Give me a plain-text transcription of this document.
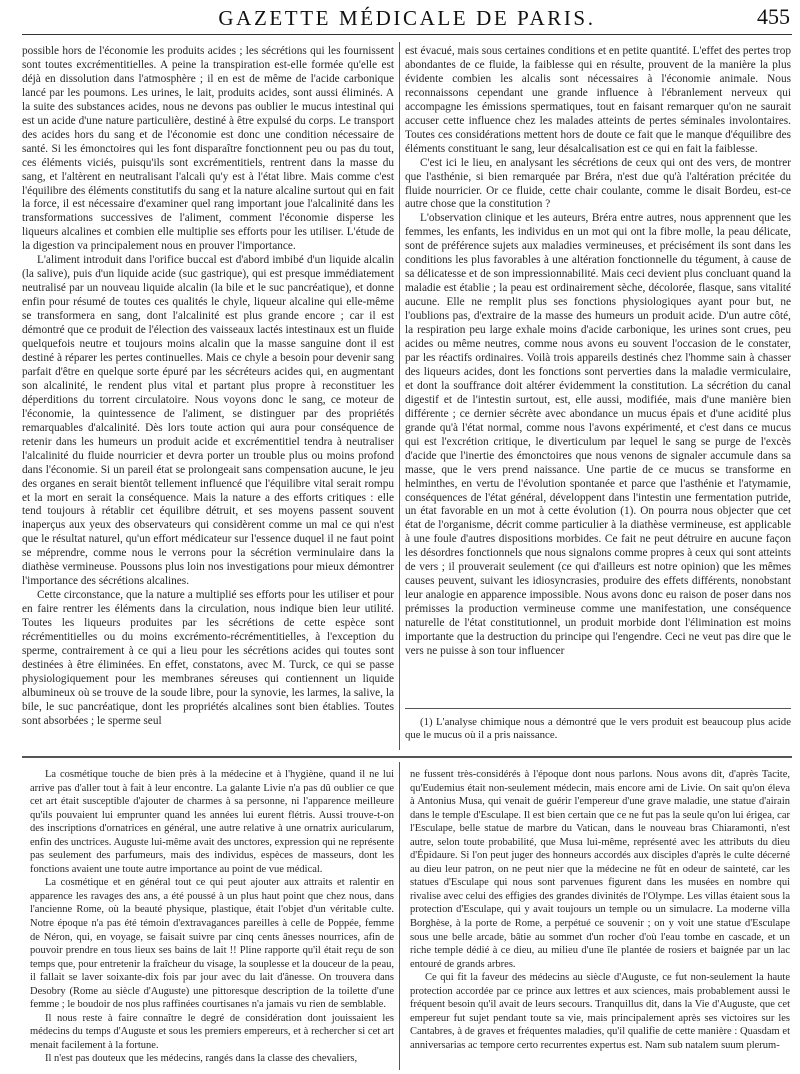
GAZETTE MÉDICALE DE PARIS.	455

possible hors de l'économie les produits acides ; les sécrétions qui les fournissent sont toutes excrémentitielles. A peine la transpiration est-elle formée qu'elle est déjà en dissolution dans l'atmosphère ; il en est de même de l'acide carbonique lancé par les poumons. Les urines, le lait, produits acides, sont aussi éliminés. A la suite des substances acides, nous ne devons pas oublier le mucus intestinal qui est un acide d'une nature particulière, destiné à être expulsé du corps. Le transport des acides hors du sang et de l'économie est donc une condition nécessaire de santé. Si les émonctoires qui les font disparaître fonctionnent peu ou pas du tout, ces éléments viciés, puisqu'ils sont excrémentitiels, rentrent dans la masse du sang, et l'altèrent en neutralisant l'alcali qu'y est à l'état libre. Mais comme c'est l'équilibre des éléments constitutifs du sang et la nature alcaline surtout qui en fait la force, il est nécessaire d'examiner quel rang important joue l'alcalinité dans les transformations successives de l'aliment, comment l'économie disperse les liqueurs alcalines et combien elle multiplie ses efforts pour les utiliser. L'étude de la digestion va principalement nous en prouver l'importance.

L'aliment introduit dans l'orifice buccal est d'abord imbibé d'un liquide alcalin (la salive), puis d'un liquide acide (suc gastrique), qui est presque immédiatement neutralisé par un nouveau liquide alcalin (la bile et le suc pancréatique), et donne enfin pour résumé de toutes ces qualités le chyle, liqueur alcaline qui elle-même se transformera en sang, dont l'alcalinité est plus grande encore ; car il est démontré que ce produit de l'élection des vaisseaux lactés intestinaux est un fluide quelquefois neutre et toujours moins alcalin que la masse sanguine dont il est destiné à réparer les pertes continuelles. Mais ce chyle a besoin pour devenir sang parfait d'être en quelque sorte épuré par les sécréteurs acides qui, en augmentant son alcalinité, le rendent plus vital et partant plus propre à reconstituer les déperditions du torrent circulatoire. Nous voyons donc le sang, ce moteur de l'économie, la quintessence de l'aliment, se distinguer par des propriétés remarquables d'alcalinité. Dès lors toute action qui aura pour conséquence de retenir dans les humeurs un produit acide et excrémentitiel tendra à neutraliser l'alcalinité du fluide nourricier et devra porter un trouble plus ou moins profond dans l'économie. Si un pareil état se prolongeait sans compensation aucune, le jeu des organes en serait bientôt tellement influencé que l'équilibre vital serait rompu et la mort en serait la conséquence. Mais la nature a des efforts critiques : elle tend toujours à rétablir cet équilibre détruit, et ses moyens passent souvent inaperçus aux yeux des observateurs qui considèrent comme un mal ce qui n'est que le résultat naturel, qu'un effort médicateur sur l'essence duquel il ne faut point se méprendre, comme nous le verrons pour la sécrétion verminulaire dans la diathèse vermineuse. Poussons plus loin nos investigations pour mieux démontrer l'importance des sécrétions alcalines.

Cette circonstance, que la nature a multiplié ses efforts pour les utiliser et pour en faire rentrer les éléments dans la circulation, nous indique bien leur utilité. Toutes les liqueurs produites par les sécrétions de cette espèce sont récrémentitielles ou du moins excrémento-récrémentitielles, à l'exception du sperme, contrairement à ce qui a lieu pour les sécrétions acides qui toutes sont destinées à être éliminées. En effet, constatons, avec M. Turck, ce qui se passe physiologiquement pour les membranes séreuses qui contiennent un liquide albumineux où se trouve de la soude libre, pour la synovie, les larmes, la salive, la bile, le suc pancréatique, dont les propriétés alcalines sont bien établies. Toutes sont absorbées ; le sperme seul

est évacué, mais sous certaines conditions et en petite quantité. L'effet des pertes trop abondantes de ce fluide, la faiblesse qui en résulte, prouvent de la manière la plus évidente combien les alcalis sont nécessaires à l'économie animale. Nous reconnaissons cependant une grande influence à l'ébranlement nerveux qui accompagne les émissions spermatiques, tout en faisant remarquer qu'on ne saurait accuser cette influence chez les malades atteints de pertes séminales involontaires. Toutes ces considérations mettent hors de doute ce fait que le manque d'équilibre des éléments constituant le sang, leur désalcalisation est ce qui en fait la faiblesse.

C'est ici le lieu, en analysant les sécrétions de ceux qui ont des vers, de montrer que l'asthénie, si bien remarquée par Bréra, n'est due qu'à l'altération précitée du fluide nourricier. Or ce fluide, cette chair coulante, comme le disait Bordeu, est-ce autre chose que la constitution ?

L'observation clinique et les auteurs, Bréra entre autres, nous apprennent que les femmes, les enfants, les individus en un mot qui ont la fibre molle, la peau délicate, sont de préférence sujets aux maladies vermineuses, et précisément ils sont dans les conditions les plus favorables à une altération fonctionnelle du tégument, à cause de sa délicatesse et de son impressionnabilité. Mais ceci devient plus concluant quand la maladie est établie ; la peau est ordinairement sèche, décolorée, flasque, sans vitalité aucune. Elle ne remplit plus ses fonctions physiologiques ayant pour but, ne l'oublions pas, d'extraire de la masse des humeurs un produit acide. D'un autre côté, la respiration peu large exhale moins d'acide carbonique, les urines sont crues, peu acides ou même neutres, comme nous avons eu souvent l'occasion de le constater, par les réactifs ordinaires. Voilà trois appareils destinés chez l'homme sain à chasser des liqueurs acides, dont les fonctions sont perverties dans la maladie vermiculaire, et dont la souffrance doit altérer évidemment la constitution. La sécrétion du canal digestif et de l'intestin surtout, est, elle aussi, modifiée, mais d'une manière bien différente ; ce dernier sécrète avec abondance un mucus épais et d'une acidité plus grande qu'à l'état normal, comme nous l'avons expérimenté, et c'est dans ce mucus qui est l'excrétion critique, le diverticulum par lequel le sang se purge de l'excès d'acide que l'inertie des émonctoires que nous venons de signaler accumule dans sa masse, que le vers prend naissance. Une partie de ce mucus se transforme en helminthes, en vertu de l'évolution spontanée et parce que l'asthénie et l'atymamie, conséquences de l'état général, développent dans l'intestin une fermentation putride, un état favorable en un mot à cette évolution (1). On pourra nous objecter que cet état de l'organisme, décrit comme particulier à la diathèse vermineuse, est applicable à une foule d'autres dispositions morbides. Ce fait ne peut détruire en aucune façon les désordres fonctionnels que nous signalons comme propres à ceux qui sont atteints de vers ; il prouverait seulement (ce qui d'ailleurs est notre opinion) que les mêmes causes peuvent, suivant les idiosyncrasies, produire des effets différents, nonobstant leur analogie en apparence impossible. Nous avons donc eu raison de poser dans nos prémisses la production vermineuse comme une manifestation, une conséquence naturelle de l'état constitutionnel, un produit morbide dont l'élimination est moins importante que la destruction du principe qui l'engendre. Ceci ne veut pas dire que le vers ne puisse à son tour influencer

(1) L'analyse chimique nous a démontré que le vers produit est beaucoup plus acide que le mucus où il a pris naissance.

La cosmétique touche de bien près à la médecine et à l'hygiène, quand il ne lui arrive pas d'aller tout à fait à leur encontre. La galante Livie n'a pas dû oublier ce que cet art était susceptible d'ajouter de charmes à sa personne, ni l'apparence meilleure qu'ils pouvaient lui emprunter quand les années lui eurent flétris. Aussi trouve-t-on des inscriptions d'ornatrices en général, une autre relative à une ornatrix auricularum, enfin des unctrices. Auguste lui-même avait des unctores, expression qui ne représente pas seulement des parfumeurs, mais des individus, espèces de masseurs, dont les fonctions avaient une toute autre importance au point de vue médical.

La cosmétique et en général tout ce qui peut ajouter aux attraits et ralentir en apparence les ravages des ans, a été poussé à un plus haut point que chez nous, dans l'ancienne Rome, où la beauté physique, plastique, était l'objet d'un véritable culte. Notre époque n'a pas été témoin d'extravagances pareilles à celle de Poppée, femme de Néron, qui, en voyage, se faisait suivre par cinq cents ânesses nourrices, afin de pouvoir prendre en tous lieux ses bains de lait !! Pline rapporte qu'il était reçu de son temps que, pour entretenir la fraîcheur du visage, la souplesse et la douceur de la peau, il fallait se laver soixante-dix fois par jour avec du lait d'ânesse. On trouvera dans Desobry (Rome au siècle d'Auguste) une pittoresque description de la toilette d'une femme ; le boudoir de nos plus raffinées courtisanes n'a jamais vu rien de semblable.

Il nous reste à faire connaître le degré de considération dont jouissaient les médecins du temps d'Auguste et sous les premiers empereurs, et à rechercher si cet art menait facilement à la fortune.

Il n'est pas douteux que les médecins, rangés dans la classe des chevaliers,

ne fussent très-considérés à l'époque dont nous parlons. Nous avons dit, d'après Tacite, qu'Eudemius était non-seulement médecin, mais encore ami de Livie. On sait qu'on éleva à Antonius Musa, qui venait de guérir l'empereur d'une grave maladie, une statue d'airain dans le temple d'Esculape. Il est bien certain que ce ne fut pas la seule qu'on lui érigea, car l'Esculape, belle statue de marbre du Vatican, dans le nouveau bras Chiaramonti, n'est autre, selon toute probabilité, que Musa lui-même, représenté avec les attributs du dieu d'Épidaure. Si l'on peut juger des honneurs accordés aux disciples d'après le culte décerné au dieu leur patron, on ne peut nier que la médecine ne fût en odeur de sainteté, car les statues d'Esculape qui nous sont parvenues figurent dans les musées en nombre qui rivalise avec celui des effigies des grandes divinités de l'Olympe. Les villas étaient sous la protection d'Esculape, qui y avait toujours un temple ou un simulacre. La moderne villa Borghèse, à la porte de Rome, a perpétué ce souvenir ; on y voit une statue d'Esculape sous une belle arcade, bâtie au sommet d'un rocher d'où l'eau tombe en cascade, et un riche temple dédié à ce dieu, au milieu d'une île plantée de rosiers et baignée par un lac entouré de grands arbres.

Ce qui fit la faveur des médecins au siècle d'Auguste, ce fut non-seulement la haute protection accordée par ce prince aux lettres et aux sciences, mais probablement aussi le fréquent besoin qu'il avait de leurs secours. Tranquillus dit, dans la Vie d'Auguste, que cet empereur fut sujet pendant toute sa vie, mais principalement après ses victoires sur les Cantabres, à de graves et fréquentes maladies, qu'il qualifie de cette manière : Quasdam et anniversarias ac tempore certo recurrentes expertus est. Nam sub natalem suum plerum-
